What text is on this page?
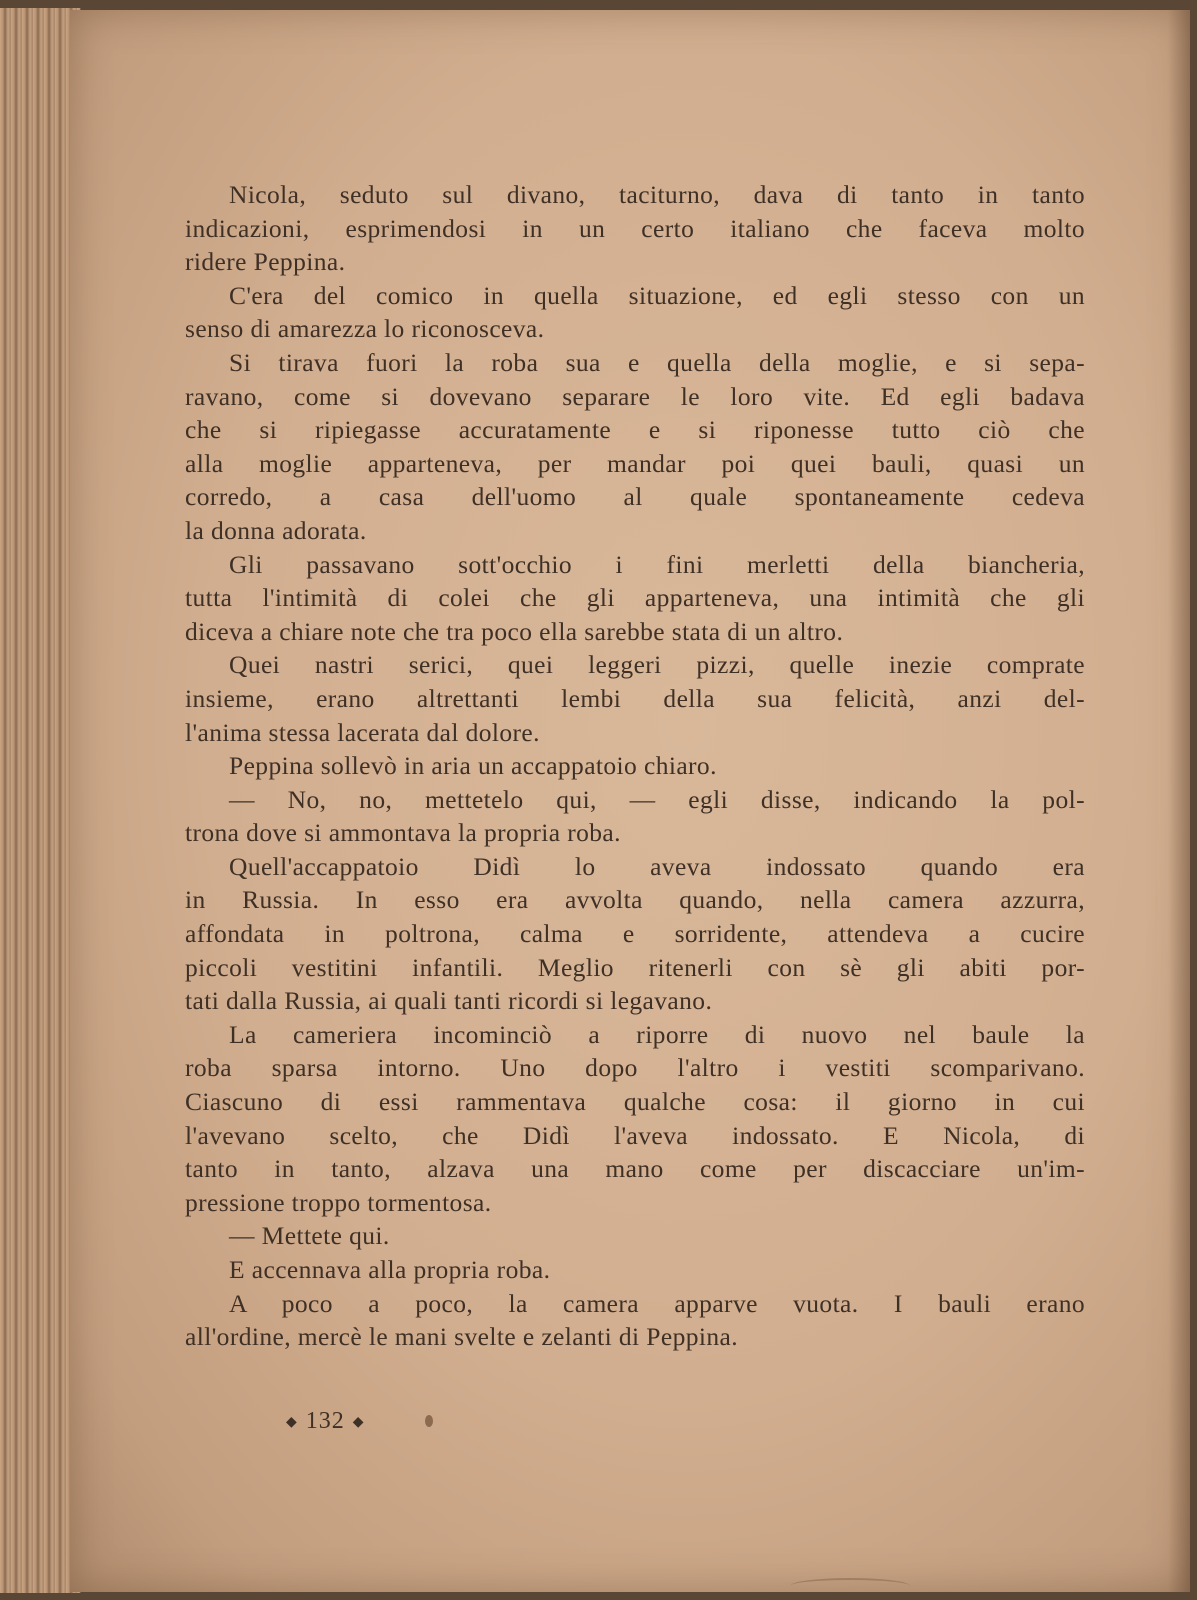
Nicola, seduto sul divano, taciturno, dava di tanto in tanto
indicazioni, esprimendosi in un certo italiano che faceva molto
ridere Peppina.
C'era del comico in quella situazione, ed egli stesso con un
senso di amarezza lo riconosceva.
Si tirava fuori la roba sua e quella della moglie, e si sepa-
ravano, come si dovevano separare le loro vite. Ed egli badava
che si ripiegasse accuratamente e si riponesse tutto ciò che
alla moglie apparteneva, per mandar poi quei bauli, quasi un
corredo, a casa dell'uomo al quale spontaneamente cedeva
la donna adorata.
Gli passavano sott'occhio i fini merletti della biancheria,
tutta l'intimità di colei che gli apparteneva, una intimità che gli
diceva a chiare note che tra poco ella sarebbe stata di un altro.
Quei nastri serici, quei leggeri pizzi, quelle inezie comprate
insieme, erano altrettanti lembi della sua felicità, anzi del-
l'anima stessa lacerata dal dolore.
Peppina sollevò in aria un accappatoio chiaro.
— No, no, mettetelo qui, — egli disse, indicando la pol-
trona dove si ammontava la propria roba.
Quell'accappatoio Didì lo aveva indossato quando era
in Russia. In esso era avvolta quando, nella camera azzurra,
affondata in poltrona, calma e sorridente, attendeva a cucire
piccoli vestitini infantili. Meglio ritenerli con sè gli abiti por-
tati dalla Russia, ai quali tanti ricordi si legavano.
La cameriera incominciò a riporre di nuovo nel baule la
roba sparsa intorno. Uno dopo l'altro i vestiti scomparivano.
Ciascuno di essi rammentava qualche cosa: il giorno in cui
l'avevano scelto, che Didì l'aveva indossato. E Nicola, di
tanto in tanto, alzava una mano come per discacciare un'im-
pressione troppo tormentosa.
— Mettete qui.
E accennava alla propria roba.
A poco a poco, la camera apparve vuota. I bauli erano
all'ordine, mercè le mani svelte e zelanti di Peppina.
◆ 132 ◆
